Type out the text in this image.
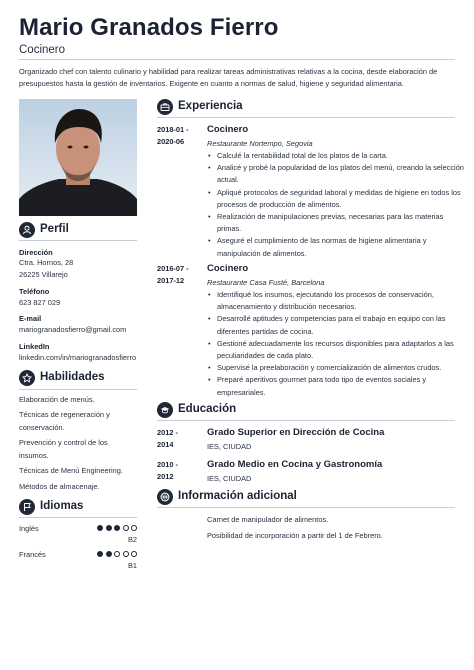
Mario Granados Fierro
Cocinero
Organizado chef con talento culinario y habilidad para realizar tareas administrativas relativas a la cocina, desde elaboración de presupuestos hasta la gestión de inventarios. Exigente en cuanto a normas de salud, higiene y seguridad alimentaria.
Perfil
Dirección
Ctra. Hornos, 28
26225 Villarejo
Teléfono
623 827 029
E-mail
mariogranadosfierro@gmail.com
LinkedIn
linkedin.com/in/mariogranadosfierro
Habilidades
Elaboración de menús.
Técnicas de regeneración y conservación.
Prevención y control de los insumos.
Técnicas de Menú Engineering.
Métodos de almacenaje.
Idiomas
Inglés
B2
Francés
B1
Experiencia
2018-01 -
2020-06
Cocinero
Restaurante Nortempo, Segovia
• Calculé la rentabilidad total de los platos de la carta.
• Analicé y probé la popularidad de los platos del menú, creando la selección actual.
• Apliqué protocolos de seguridad laboral y medidas de higiene en todos los procesos de producción de alimentos.
• Realización de manipulaciones previas, necesarias para las materias primas.
• Aseguré el cumplimiento de las normas de higiene alimentaria y manipulación de alimentos.
2016-07 -
2017-12
Cocinero
Restaurante Casa Fusté, Barcelona
• Identifiqué los insumos, ejecutando los procesos de conservación, almacenamiento y distribución necesarios.
• Desarrollé aptitudes y competencias para el trabajo en equipo con las diferentes partidas de cocina.
• Gestioné adecuadamente los recursos disponibles para adaptarlos a las peculiaridades de cada plato.
• Supervisé la preelaboración y comercialización de alimentos crudos.
• Preparé aperitivos gourmet para todo tipo de eventos sociales y empresariales.
Educación
2012 -
2014
Grado Superior en Dirección de Cocina
IES, CIUDAD
2010 -
2012
Grado Medio en Cocina y Gastronomía
IES, CIUDAD
Información adicional
Carnet de manipulador de alimentos.
Posibilidad de incorporación a partir del 1 de Febrero.
